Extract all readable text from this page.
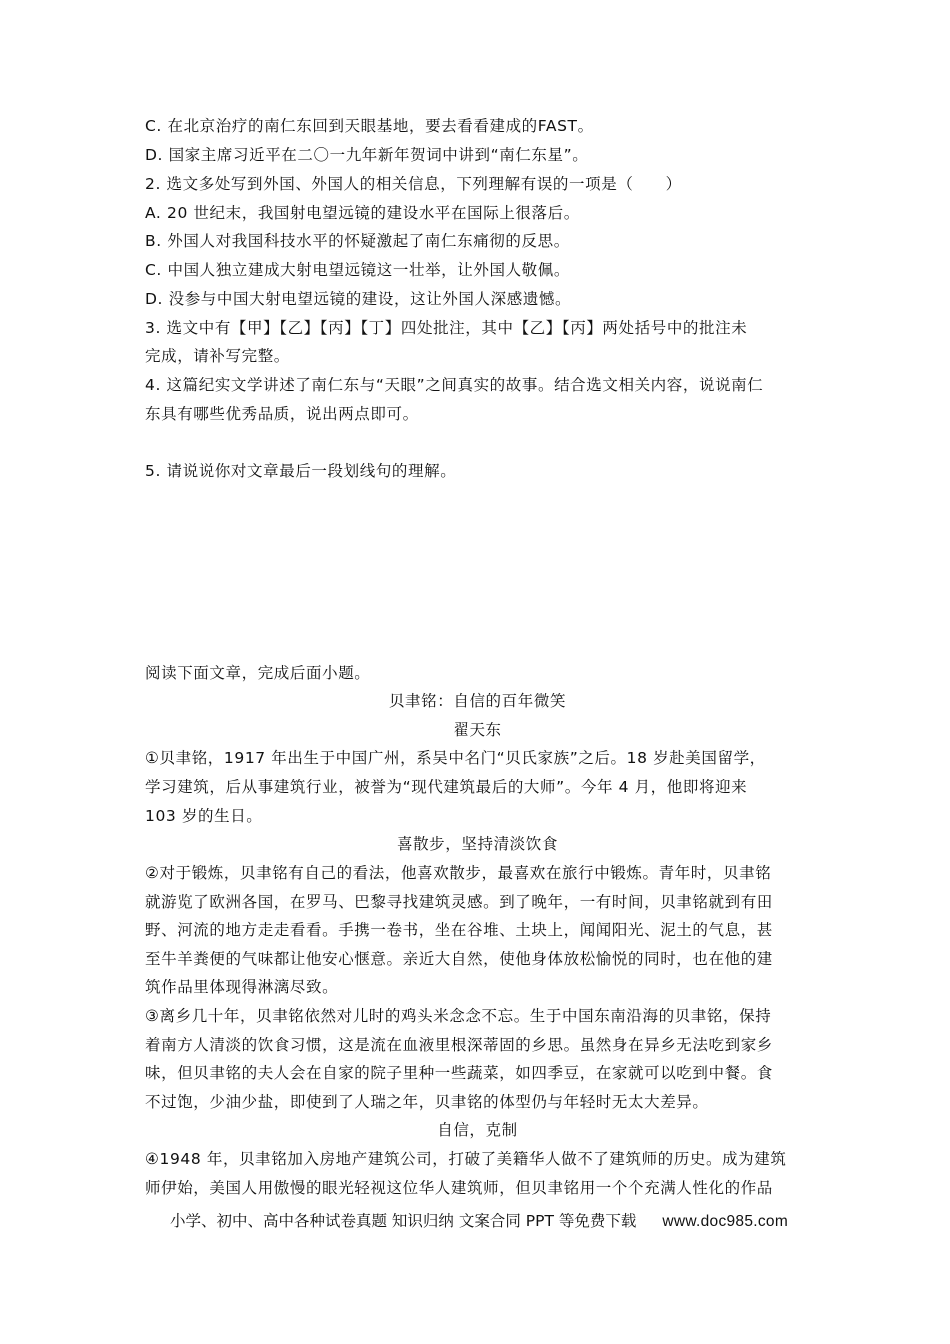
C. 在北京治疗的南仁东回到天眼基地，要去看看建成的FAST。
D. 国家主席习近平在二〇一九年新年贺词中讲到“南仁东星”。
2. 选文多处写到外国、外国人的相关信息，下列理解有误的一项是（　　）
A. 20 世纪末，我国射电望远镜的建设水平在国际上很落后。
B. 外国人对我国科技水平的怀疑激起了南仁东痛彻的反思。
C. 中国人独立建成大射电望远镜这一壮举，让外国人敬佩。
D. 没参与中国大射电望远镜的建设，这让外国人深感遗憾。
3. 选文中有【甲】【乙】【丙】【丁】四处批注，其中【乙】【丙】两处括号中的批注未
完成，请补写完整。
4. 这篇纪实文学讲述了南仁东与“天眼”之间真实的故事。结合选文相关内容，说说南仁
东具有哪些优秀品质，说出两点即可。
5. 请说说你对文章最后一段划线句的理解。
阅读下面文章，完成后面小题。
贝聿铭：自信的百年微笑
翟天东
①贝聿铭，1917 年出生于中国广州，系吴中名门“贝氏家族”之后。18 岁赴美国留学，
学习建筑，后从事建筑行业，被誉为“现代建筑最后的大师”。今年 4 月，他即将迎来
103 岁的生日。
喜散步，坚持清淡饮食
②对于锻炼，贝聿铭有自己的看法，他喜欢散步，最喜欢在旅行中锻炼。青年时，贝聿铭
就游览了欧洲各国，在罗马、巴黎寻找建筑灵感。到了晚年，一有时间，贝聿铭就到有田
野、河流的地方走走看看。手携一卷书，坐在谷堆、土块上，闻闻阳光、泥土的气息，甚
至牛羊粪便的气味都让他安心惬意。亲近大自然，使他身体放松愉悦的同时，也在他的建
筑作品里体现得淋漓尽致。
③离乡几十年，贝聿铭依然对儿时的鸡头米念念不忘。生于中国东南沿海的贝聿铭，保持
着南方人清淡的饮食习惯，这是流在血液里根深蒂固的乡思。虽然身在异乡无法吃到家乡
味，但贝聿铭的夫人会在自家的院子里种一些蔬菜，如四季豆，在家就可以吃到中餐。食
不过饱，少油少盐，即使到了人瑞之年，贝聿铭的体型仍与年轻时无太大差异。
自信，克制
④1948 年，贝聿铭加入房地产建筑公司，打破了美籍华人做不了建筑师的历史。成为建筑
师伊始，美国人用傲慢的眼光轻视这位华人建筑师，但贝聿铭用一个个充满人性化的作品
小学、初中、高中各种试卷真题 知识归纳 文案合同 PPT 等免费下载 www.doc985.com
